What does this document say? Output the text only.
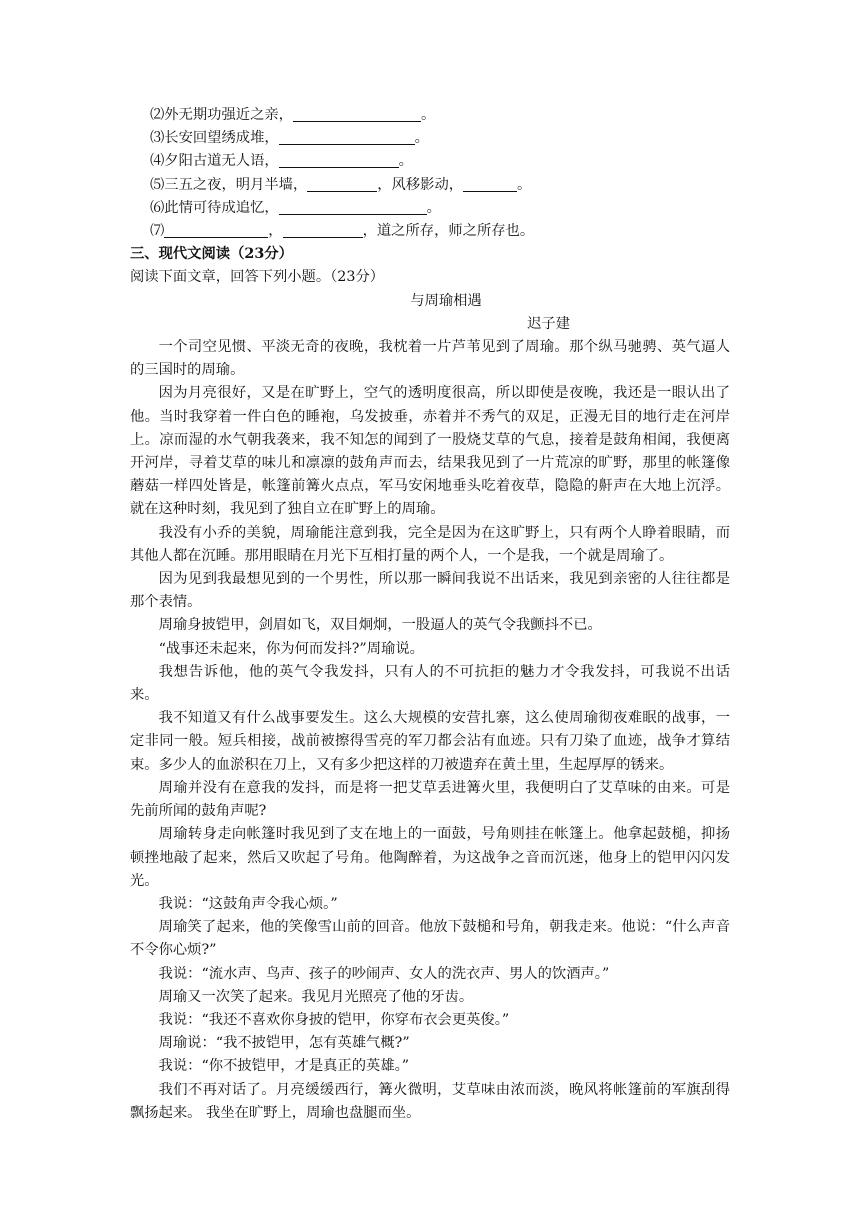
⑵外无期功强近之亲，	。
⑶长安回望绣成堆，	。
⑷夕阳古道无人语，	。
⑸三五之夜，明月半墙，	，风移影动，	。
⑹此情可待成追忆，	。
⑺	，	，道之所存，师之所存也。

三、现代文阅读（23分）

阅读下面文章，回答下列小题。（23分）

与周瑜相遇

迟子建

一个司空见惯、平淡无奇的夜晚，我枕着一片芦苇见到了周瑜。那个纵马驰骋、英气逼人的三国时的周瑜。

因为月亮很好，又是在旷野上，空气的透明度很高，所以即使是夜晚，我还是一眼认出了他。当时我穿着一件白色的睡袍，乌发披垂，赤着并不秀气的双足，正漫无目的地行走在河岸上。凉而湿的水气朝我袭来，我不知怎的闻到了一股烧艾草的气息，接着是鼓角相闻，我便离开河岸，寻着艾草的味儿和凛凛的鼓角声而去，结果我见到了一片荒凉的旷野，那里的帐篷像蘑菇一样四处皆是，帐篷前篝火点点，军马安闲地垂头吃着夜草，隐隐的鼾声在大地上沉浮。就在这种时刻，我见到了独自立在旷野上的周瑜。

我没有小乔的美貌，周瑜能注意到我，完全是因为在这旷野上，只有两个人睁着眼睛，而其他人都在沉睡。那用眼睛在月光下互相打量的两个人，一个是我，一个就是周瑜了。

因为见到我最想见到的一个男性，所以那一瞬间我说不出话来，我见到亲密的人往往都是那个表情。

周瑜身披铠甲，剑眉如飞，双目炯炯，一股逼人的英气令我颤抖不已。

“战事还未起来，你为何而发抖?”周瑜说。

我想告诉他，他的英气令我发抖，只有人的不可抗拒的魅力才令我发抖，可我说不出话来。

我不知道又有什么战事要发生。这么大规模的安营扎寨，这么使周瑜彻夜难眠的战事，一定非同一般。短兵相接，战前被擦得雪亮的军刀都会沾有血迹。只有刀染了血迹，战争才算结束。多少人的血淤积在刀上，又有多少把这样的刀被遗弃在黄土里，生起厚厚的锈来。

周瑜并没有在意我的发抖，而是将一把艾草丢进篝火里，我便明白了艾草味的由来。可是先前所闻的鼓角声呢?

周瑜转身走向帐篷时我见到了支在地上的一面鼓，号角则挂在帐篷上。他拿起鼓槌，抑扬顿挫地敲了起来，然后又吹起了号角。他陶醉着，为这战争之音而沉迷，他身上的铠甲闪闪发光。

我说：“这鼓角声令我心烦。”

周瑜笑了起来，他的笑像雪山前的回音。他放下鼓槌和号角，朝我走来。他说：“什么声音不令你心烦?”

我说：“流水声、鸟声、孩子的吵闹声、女人的洗衣声、男人的饮酒声。”

周瑜又一次笑了起来。我见月光照亮了他的牙齿。

我说：“我还不喜欢你身披的铠甲，你穿布衣会更英俊。”

周瑜说：“我不披铠甲，怎有英雄气概?”

我说：“你不披铠甲，才是真正的英雄。”

我们不再对话了。月亮缓缓西行，篝火微明，艾草味由浓而淡，晚风将帐篷前的军旗刮得飘扬起来。 我坐在旷野上，周瑜也盘腿而坐。
